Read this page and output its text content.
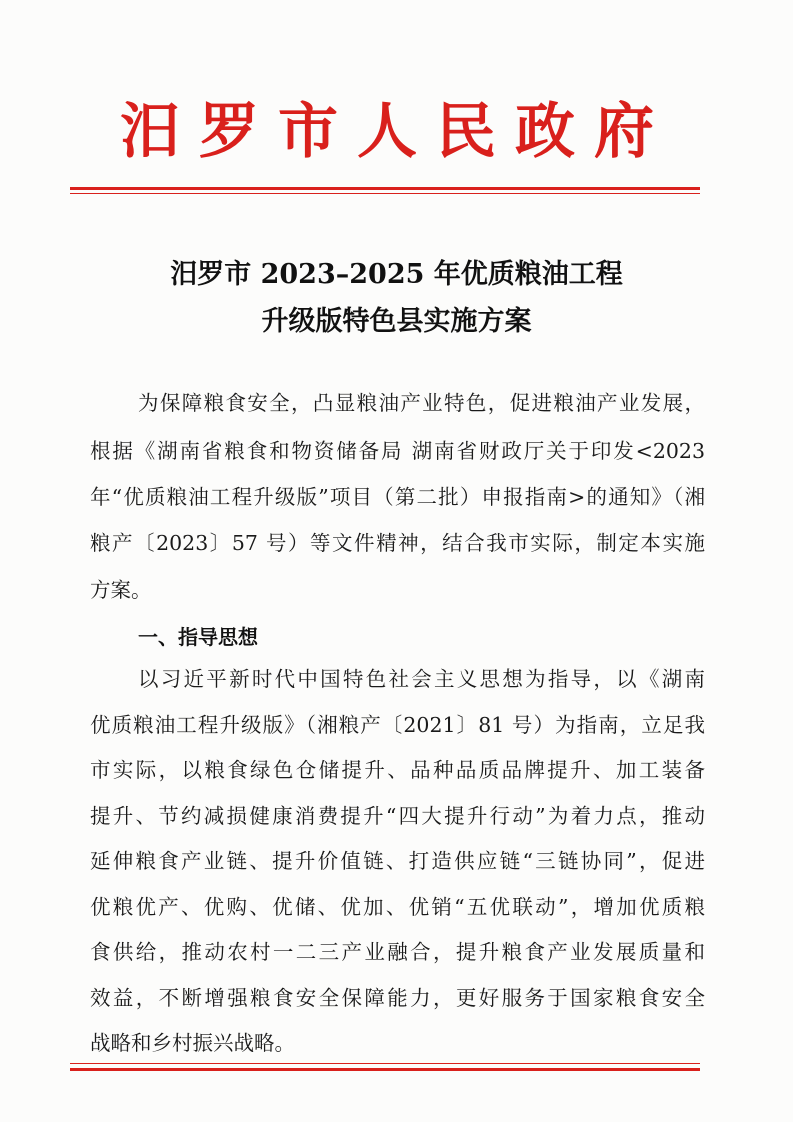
汨罗市人民政府
汨罗市 2023–2025 年优质粮油工程
升级版特色县实施方案
为保障粮食安全，凸显粮油产业特色，促进粮油产业发展，
根据《湖南省粮食和物资储备局 湖南省财政厅关于印发<2023
年“优质粮油工程升级版”项目（第二批）申报指南>的通知》（湘
粮产〔2023〕57 号）等文件精神，结合我市实际，制定本实施
方案。
一、指导思想
以习近平新时代中国特色社会主义思想为指导，以《湖南
优质粮油工程升级版》（湘粮产〔2021〕81 号）为指南，立足我
市实际，以粮食绿色仓储提升、品种品质品牌提升、加工装备
提升、节约减损健康消费提升“四大提升行动”为着力点，推动
延伸粮食产业链、提升价值链、打造供应链“三链协同”，促进
优粮优产、优购、优储、优加、优销“五优联动”，增加优质粮
食供给，推动农村一二三产业融合，提升粮食产业发展质量和
效益，不断增强粮食安全保障能力，更好服务于国家粮食安全
战略和乡村振兴战略。
